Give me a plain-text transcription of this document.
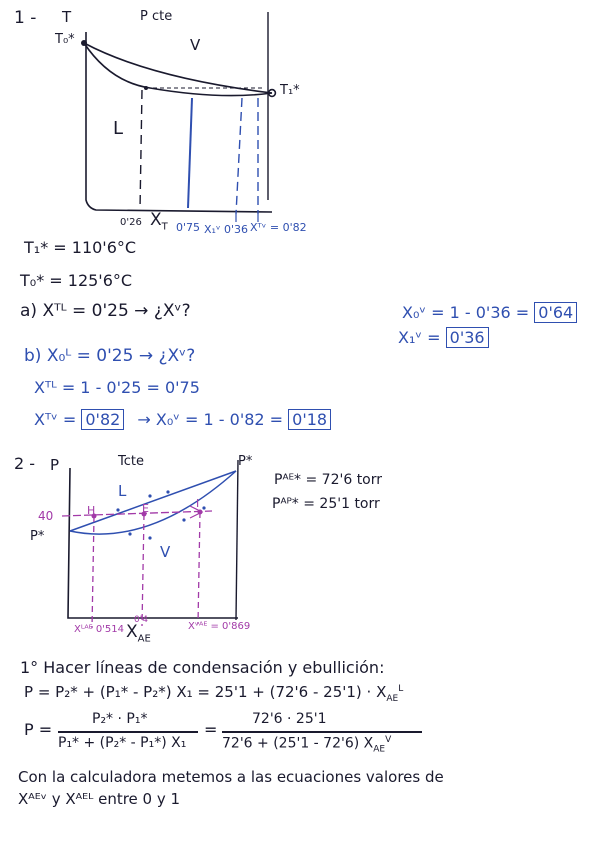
1 - T	P cte
V
L
T₀*
T₁*
0'26 $X_T$ 0'75 X₁ᵛ 0'36 Xᵀᵛ = 0'82
T₁* = 110'6°C
T₀* = 125'6°C
a) Xᵀᴸ = 0'25 → ¿Xᵛ?	X₀ᵛ = 1 - 0'36 = 0'64
X₁ᵛ = 0'36
b) X₀ᴸ = 0'25 → ¿Xᵛ?
Xᵀᴸ = 1 - 0'25 = 0'75
Xᵀᵛ = 0'82 → X₀ᵛ = 1 - 0'82 = 0'18
2 - P	Tcte	P*
40
P*
L
V
H	E	I
Xᴸᴬᴱ 0'514
0'4
$X_{AE}$
Xᵛᴬᴱ = 0'869
Pᴬᴱ* = 72'6 torr
Pᴬᴾ* = 25'1 torr
1° Hacer líneas de condensación y ebullición:
P = P₂* + (P₁* - P₂*) $X_1 = 25'1 + (72'6 - 25'1) \cdot X_{AE}^L$
P =
P₂* · P₁*
P₁* + (P₂* - P₁*) X₁
=
72'6 · 25'1
72'6 + (25'1 - 72'6) $X_{AE}^V$
Con la calculadora metemos a las ecuaciones valores de
Xᴬᴱᵛ y Xᴬᴱᴸ entre 0 y 1
